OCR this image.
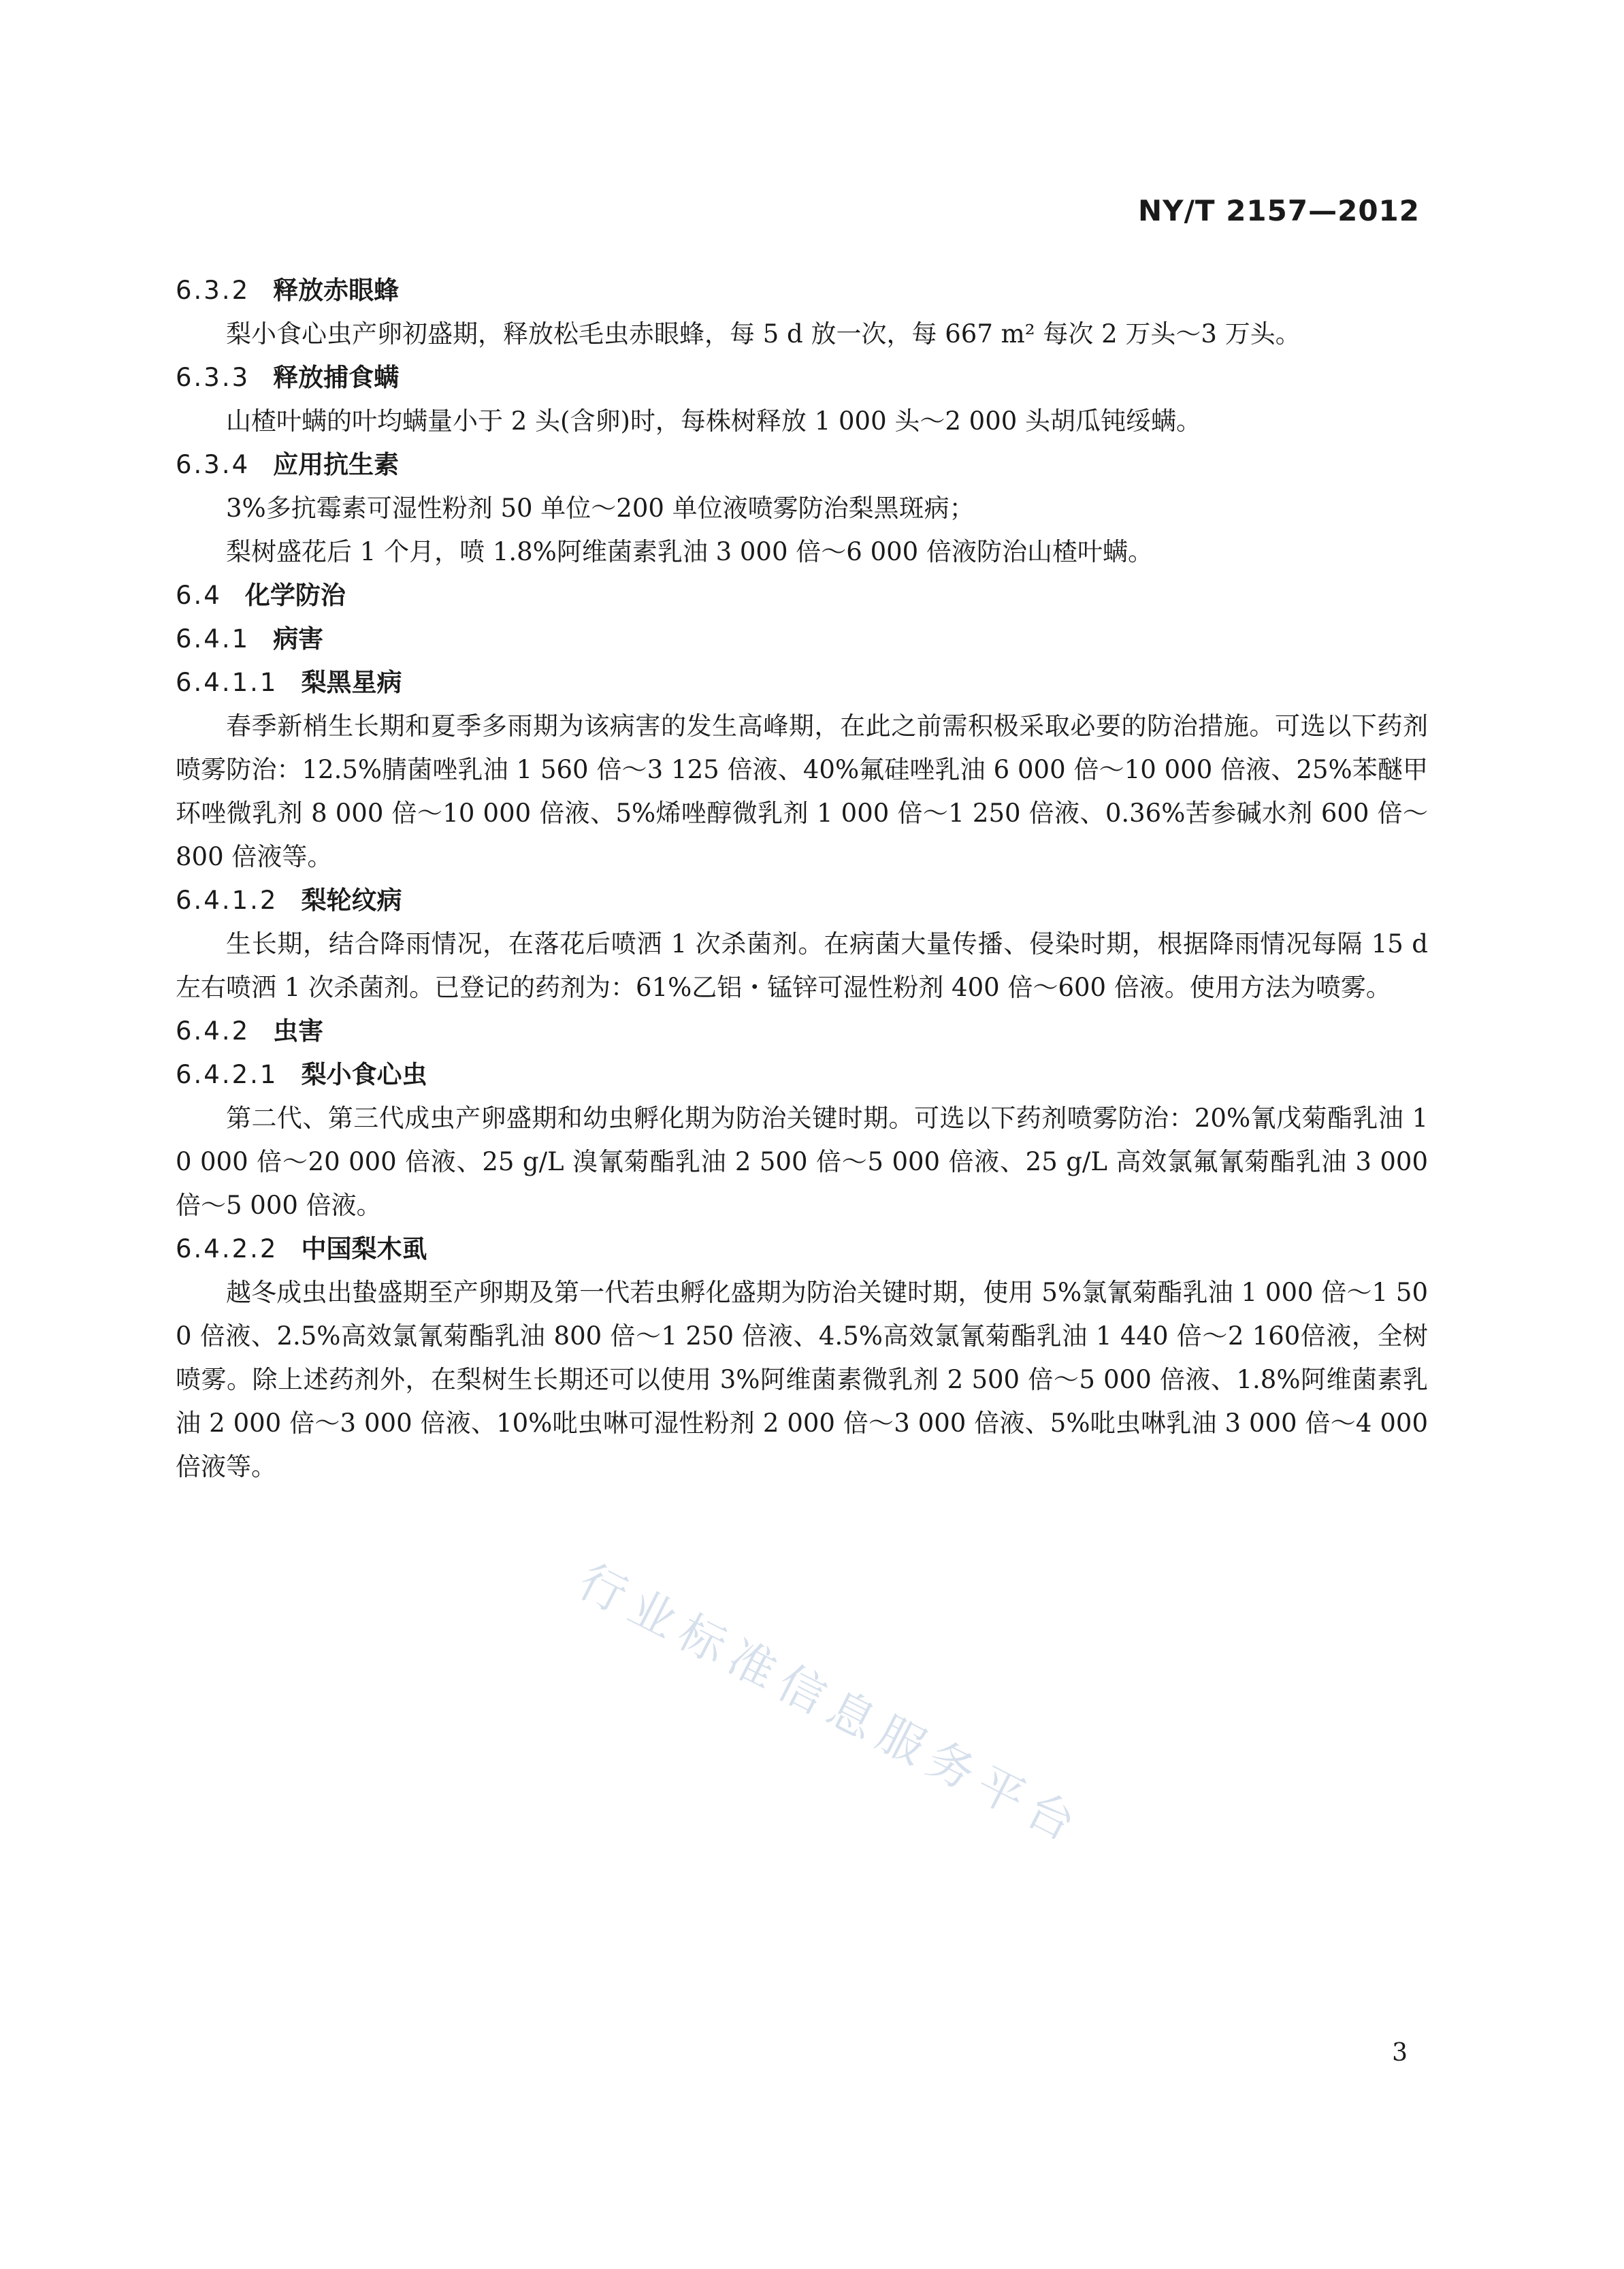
NY/T 2157—2012
6.3.2 释放赤眼蜂

梨小食心虫产卵初盛期，释放松毛虫赤眼蜂，每 5 d 放一次，每 667 m² 每次 2 万头～3 万头。

6.3.3 释放捕食螨

山楂叶螨的叶均螨量小于 2 头(含卵)时，每株树释放 1 000 头～2 000 头胡瓜钝绥螨。

6.3.4 应用抗生素

3%多抗霉素可湿性粉剂 50 单位～200 单位液喷雾防治梨黑斑病；

梨树盛花后 1 个月，喷 1.8%阿维菌素乳油 3 000 倍～6 000 倍液防治山楂叶螨。

6.4 化学防治
6.4.1 病害
6.4.1.1 梨黑星病

春季新梢生长期和夏季多雨期为该病害的发生高峰期，在此之前需积极采取必要的防治措施。可选以下药剂喷雾防治：12.5%腈菌唑乳油 1 560 倍～3 125 倍液、40%氟硅唑乳油 6 000 倍～10 000 倍液、25%苯醚甲环唑微乳剂 8 000 倍～10 000 倍液、5%烯唑醇微乳剂 1 000 倍～1 250 倍液、0.36%苦参碱水剂 600 倍～800 倍液等。

6.4.1.2 梨轮纹病

生长期，结合降雨情况，在落花后喷洒 1 次杀菌剂。在病菌大量传播、侵染时期，根据降雨情况每隔 15 d 左右喷洒 1 次杀菌剂。已登记的药剂为：61%乙铝・锰锌可湿性粉剂 400 倍～600 倍液。使用方法为喷雾。

6.4.2 虫害
6.4.2.1 梨小食心虫

第二代、第三代成虫产卵盛期和幼虫孵化期为防治关键时期。可选以下药剂喷雾防治：20%氰戊菊酯乳油 10 000 倍～20 000 倍液、25 g/L 溴氰菊酯乳油 2 500 倍～5 000 倍液、25 g/L 高效氯氟氰菊酯乳油 3 000 倍～5 000 倍液。

6.4.2.2 中国梨木虱

越冬成虫出蛰盛期至产卵期及第一代若虫孵化盛期为防治关键时期，使用 5%氯氰菊酯乳油 1 000 倍～1 500 倍液、2.5%高效氯氰菊酯乳油 800 倍～1 250 倍液、4.5%高效氯氰菊酯乳油 1 440 倍～2 160倍液，全树喷雾。除上述药剂外，在梨树生长期还可以使用 3%阿维菌素微乳剂 2 500 倍～5 000 倍液、1.8%阿维菌素乳油 2 000 倍～3 000 倍液、10%吡虫啉可湿性粉剂 2 000 倍～3 000 倍液、5%吡虫啉乳油 3 000 倍～4 000 倍液等。

行业标准信息服务平台
3
